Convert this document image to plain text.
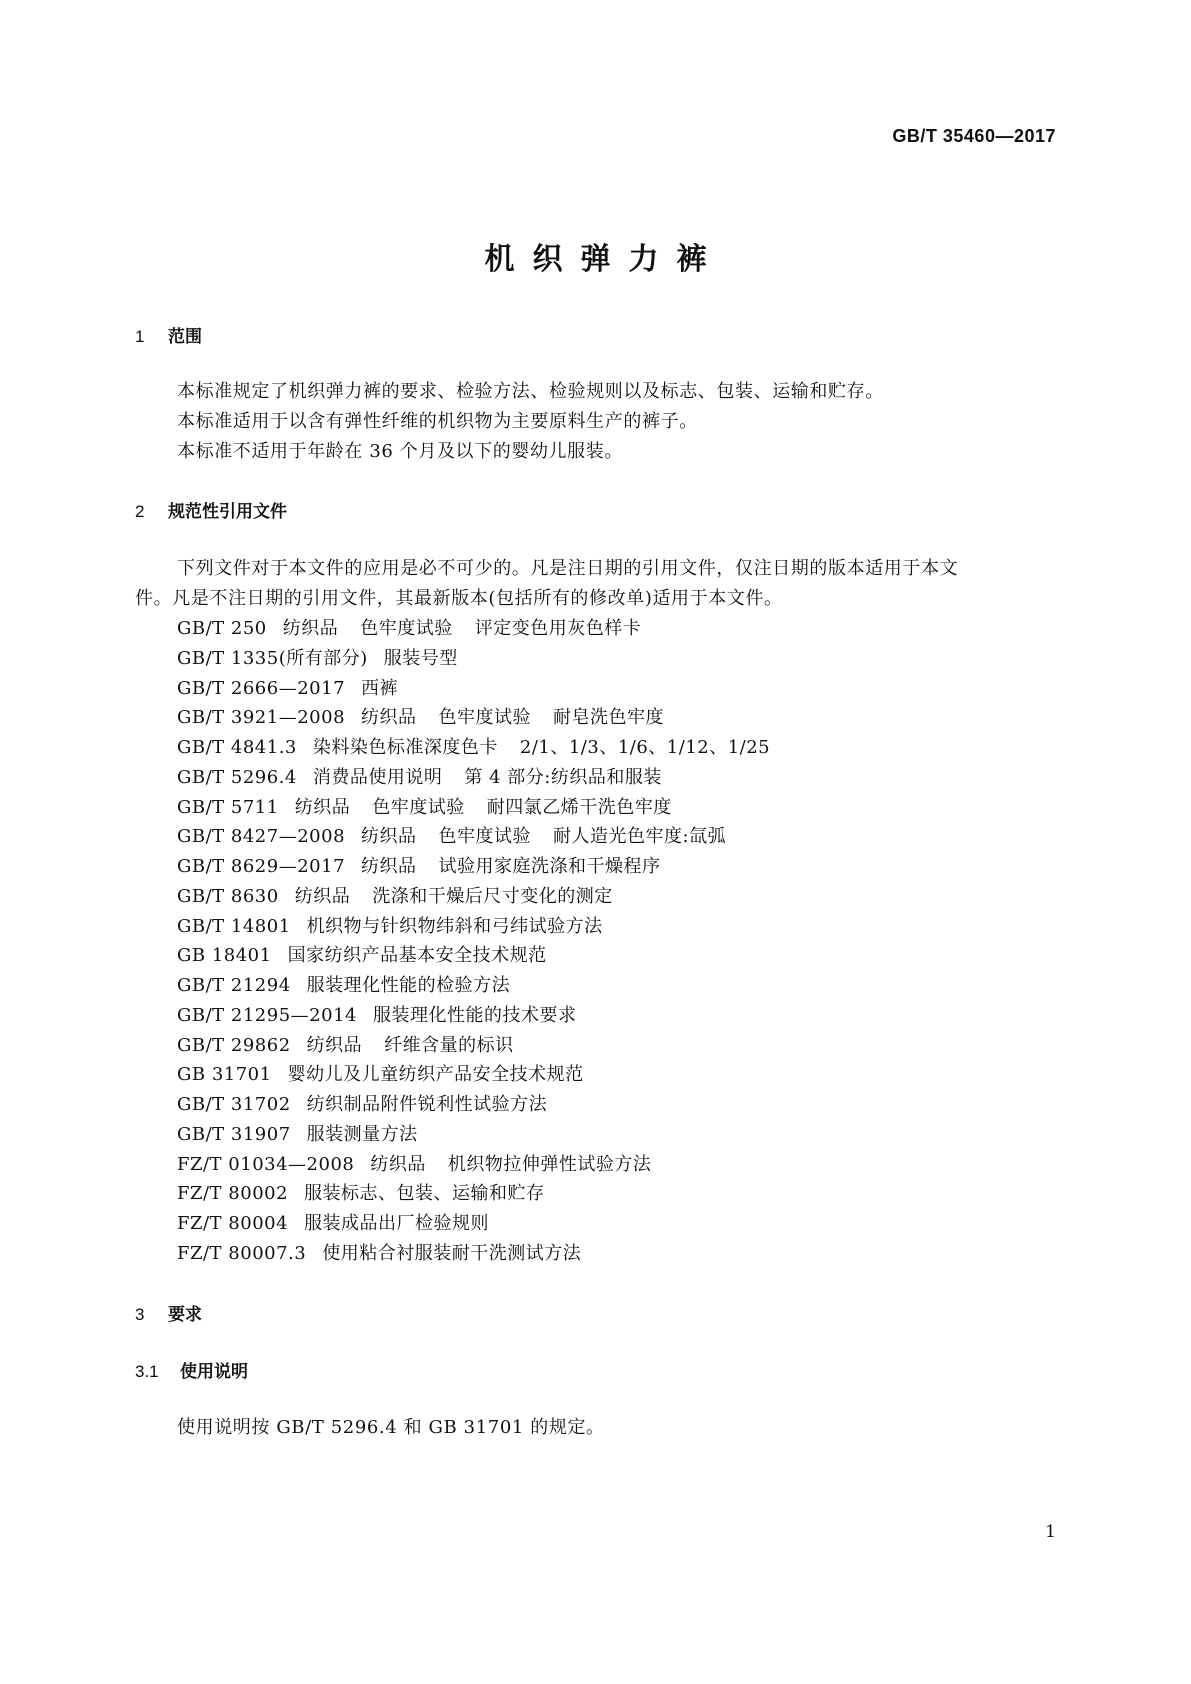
GB/T 35460—2017
机织弹力裤
1	范围
本标准规定了机织弹力裤的要求、检验方法、检验规则以及标志、包装、运输和贮存。
本标准适用于以含有弹性纤维的机织物为主要原料生产的裤子。
本标准不适用于年龄在 36 个月及以下的婴幼儿服装。
2	规范性引用文件
下列文件对于本文件的应用是必不可少的。凡是注日期的引用文件，仅注日期的版本适用于本文
件。凡是不注日期的引用文件，其最新版本(包括所有的修改单)适用于本文件。
GB/T 250 纺织品 色牢度试验 评定变色用灰色样卡
GB/T 1335(所有部分) 服装号型
GB/T 2666—2017 西裤
GB/T 3921—2008 纺织品 色牢度试验 耐皂洗色牢度
GB/T 4841.3 染料染色标准深度色卡 2/1、1/3、1/6、1/12、1/25
GB/T 5296.4 消费品使用说明 第 4 部分:纺织品和服装
GB/T 5711 纺织品 色牢度试验 耐四氯乙烯干洗色牢度
GB/T 8427—2008 纺织品 色牢度试验 耐人造光色牢度:氙弧
GB/T 8629—2017 纺织品 试验用家庭洗涤和干燥程序
GB/T 8630 纺织品 洗涤和干燥后尺寸变化的测定
GB/T 14801 机织物与针织物纬斜和弓纬试验方法
GB 18401 国家纺织产品基本安全技术规范
GB/T 21294 服装理化性能的检验方法
GB/T 21295—2014 服装理化性能的技术要求
GB/T 29862 纺织品 纤维含量的标识
GB 31701 婴幼儿及儿童纺织产品安全技术规范
GB/T 31702 纺织制品附件锐利性试验方法
GB/T 31907 服装测量方法
FZ/T 01034—2008 纺织品 机织物拉伸弹性试验方法
FZ/T 80002 服装标志、包装、运输和贮存
FZ/T 80004 服装成品出厂检验规则
FZ/T 80007.3 使用粘合衬服装耐干洗测试方法
3	要求
3.1	使用说明
使用说明按 GB/T 5296.4 和 GB 31701 的规定。
1
